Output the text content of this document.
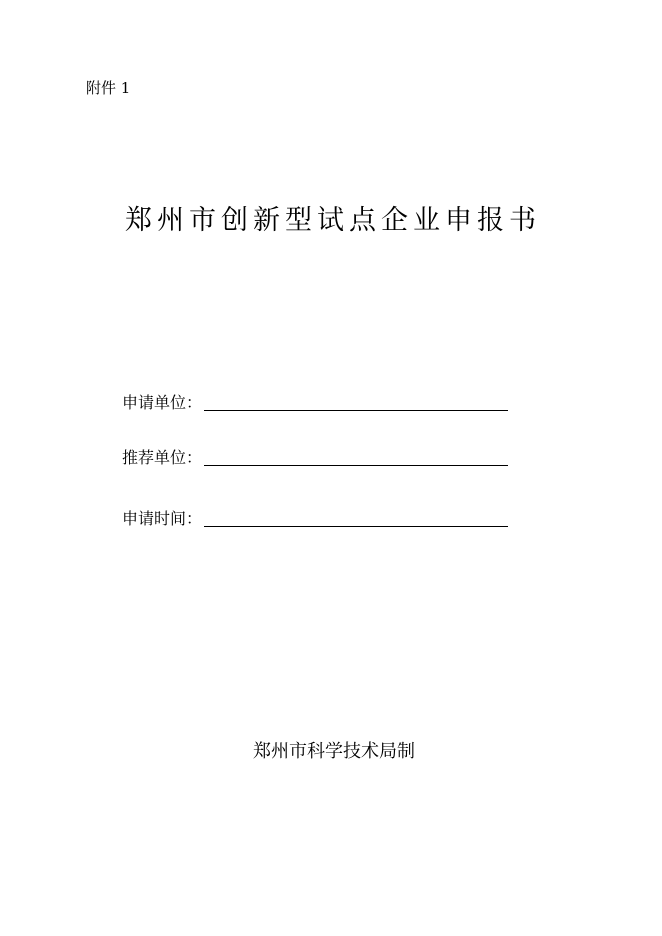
附件 1
郑州市创新型试点企业申报书
申请单位：
推荐单位：
申请时间：
郑州市科学技术局制
